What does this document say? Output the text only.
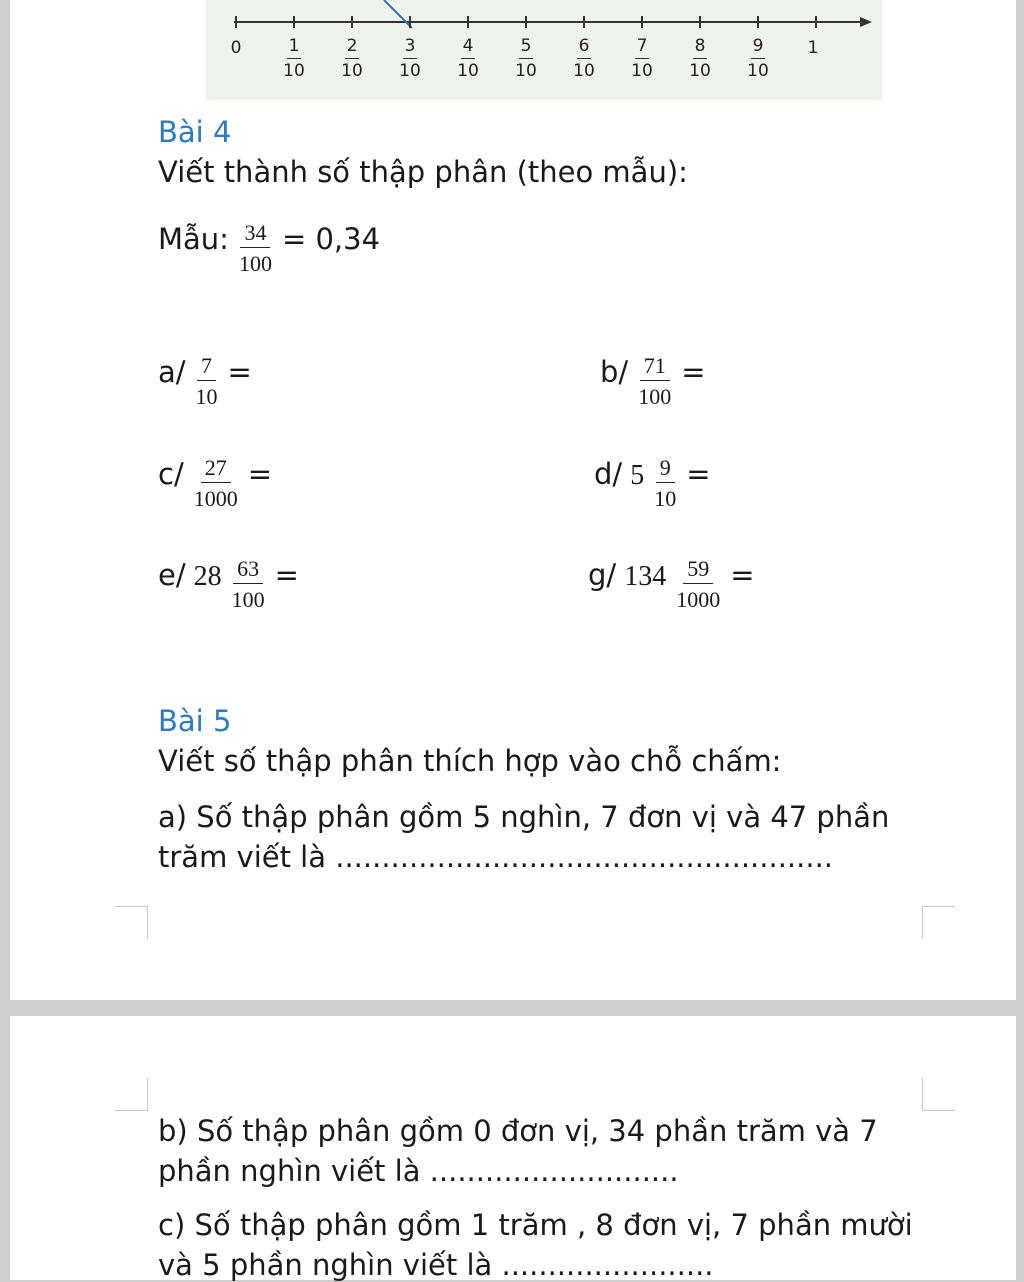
0	1
1
10
2
10
3
10
4
10
5
10
6
10
7
10
8
10
9
10
Bài 4
Viết thành số thập phân (theo mẫu):
Mẫu: $\frac{34}{100} = 0,34$
$a/ \frac{7}{10}$ =	$b/ \frac{71}{100}$ =
$c/ \frac{27}{1000}$ =	d/ $5 \frac{9}{10}$ =
e/ $28 \frac{63}{100}$ =	g/ $134 \frac{59}{1000}$ =
Bài 5
Viết số thập phân thích hợp vào chỗ chấm:
a) Số thập phân gồm 5 nghìn, 7 đơn vị và 47 phần
trăm viết là ......................................................
b) Số thập phân gồm 0 đơn vị, 34 phần trăm và 7
phần nghìn viết là ...........................
c) Số thập phân gồm 1 trăm , 8 đơn vị, 7 phần mười
và 5 phần nghìn viết là .......................
